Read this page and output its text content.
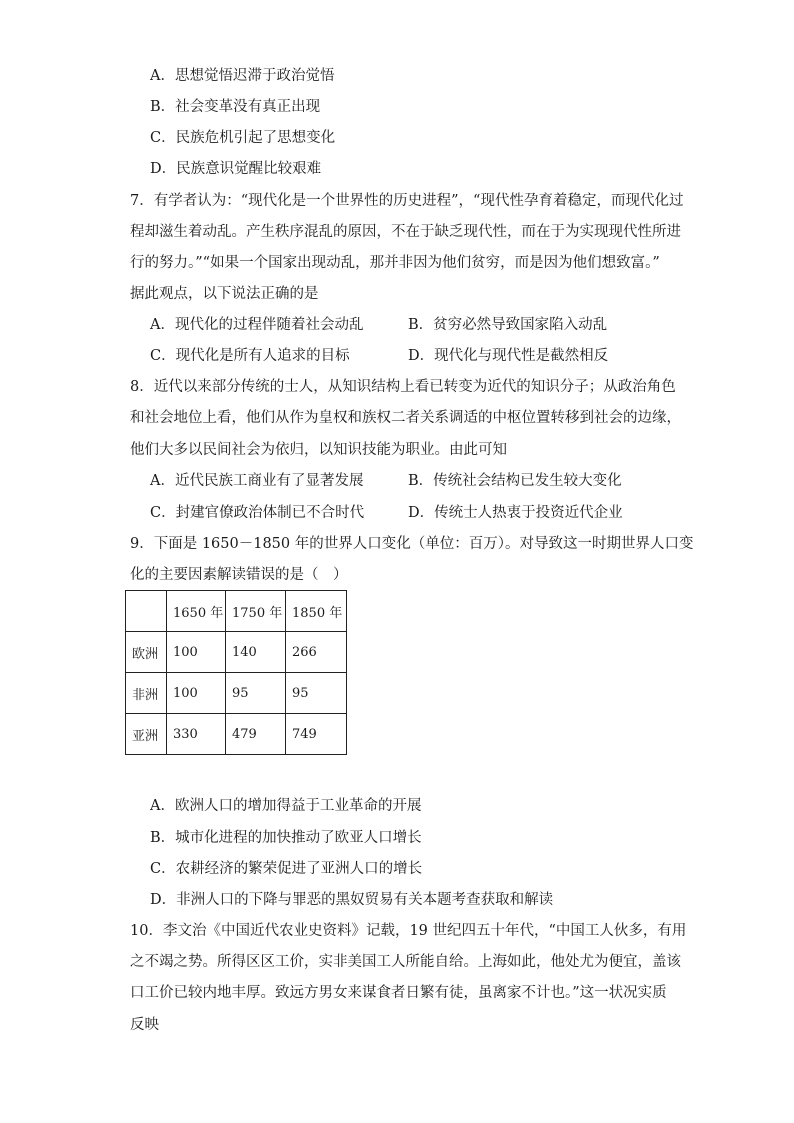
A．思想觉悟迟滞于政治觉悟
B．社会变革没有真正出现
C．民族危机引起了思想变化
D．民族意识觉醒比较艰难
7．有学者认为：“现代化是一个世界性的历史进程”，“现代性孕育着稳定，而现代化过
程却滋生着动乱。产生秩序混乱的原因，不在于缺乏现代性，而在于为实现现代性所进
行的努力。”“如果一个国家出现动乱，那并非因为他们贫穷，而是因为他们想致富。”
据此观点，以下说法正确的是
A．现代化的过程伴随着社会动乱	B．贫穷必然导致国家陷入动乱
C．现代化是所有人追求的目标	D．现代化与现代性是截然相反
8．近代以来部分传统的士人，从知识结构上看已转变为近代的知识分子；从政治角色
和社会地位上看，他们从作为皇权和族权二者关系调适的中枢位置转移到社会的边缘，
他们大多以民间社会为依归，以知识技能为职业。由此可知
A．近代民族工商业有了显著发展	B．传统社会结构已发生较大变化
C．封建官僚政治体制已不合时代	D．传统士人热衷于投资近代企业
9．下面是 1650－1850 年的世界人口变化（单位：百万）。对导致这一时期世界人口变
化的主要因素解读错误的是（　）
	1650 年	1750 年	1850 年
欧洲	100	140	266
非洲	100	95	95
亚洲	330	479	749
A．欧洲人口的增加得益于工业革命的开展
B．城市化进程的加快推动了欧亚人口增长
C．农耕经济的繁荣促进了亚洲人口的增长
D．非洲人口的下降与罪恶的黑奴贸易有关本题考查获取和解读
10．李文治《中国近代农业史资料》记载，19 世纪四五十年代，“中国工人伙多，有用
之不竭之势。所得区区工价，实非美国工人所能自给。上海如此，他处尤为便宜，盖该
口工价已较内地丰厚。致远方男女来谋食者日繁有徒，虽离家不计也。”这一状况实质
反映
